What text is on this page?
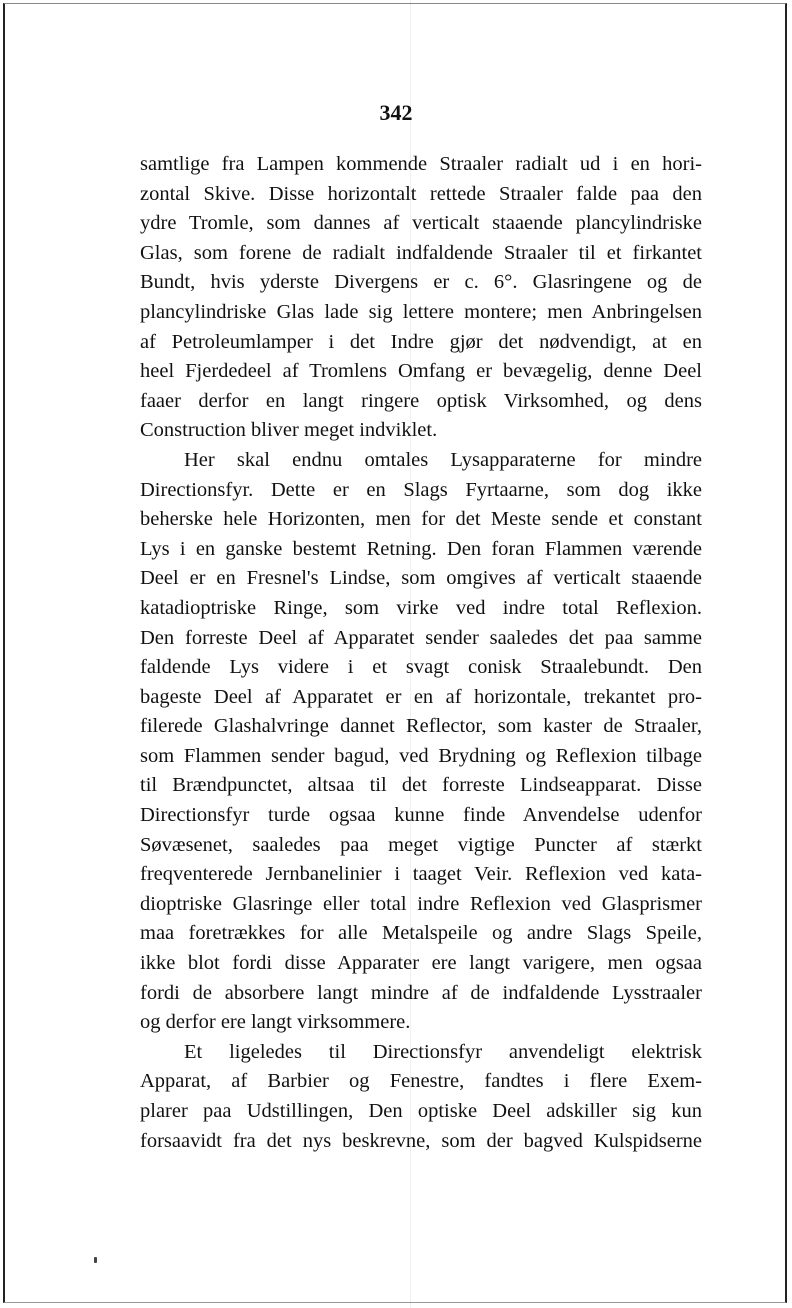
342

samtlige fra Lampen kommende Straaler radialt ud i en hori-
zontal Skive. Disse horizontalt rettede Straaler falde paa den
ydre Tromle, som dannes af verticalt staaende plancylindriske
Glas, som forene de radialt indfaldende Straaler til et firkantet
Bundt, hvis yderste Divergens er c. 6°. Glasringene og de
plancylindriske Glas lade sig lettere montere; men Anbringelsen
af Petroleumlamper i det Indre gjør det nødvendigt, at en
heel Fjerdedeel af Tromlens Omfang er bevægelig, denne Deel
faaer derfor en langt ringere optisk Virksomhed, og dens
Construction bliver meget indviklet.

Her skal endnu omtales Lysapparaterne for mindre
Directionsfyr. Dette er en Slags Fyrtaarne, som dog ikke
beherske hele Horizonten, men for det Meste sende et constant
Lys i en ganske bestemt Retning. Den foran Flammen værende
Deel er en Fresnel's Lindse, som omgives af verticalt staaende
katadioptriske Ringe, som virke ved indre total Reflexion.
Den forreste Deel af Apparatet sender saaledes det paa samme
faldende Lys videre i et svagt conisk Straalebundt. Den
bageste Deel af Apparatet er en af horizontale, trekantet pro-
filerede Glashalvringe dannet Reflector, som kaster de Straaler,
som Flammen sender bagud, ved Brydning og Reflexion tilbage
til Brændpunctet, altsaa til det forreste Lindseapparat. Disse
Directionsfyr turde ogsaa kunne finde Anvendelse udenfor
Søvæsenet, saaledes paa meget vigtige Puncter af stærkt
freqventerede Jernbanelinier i taaget Veir. Reflexion ved kata-
dioptriske Glasringe eller total indre Reflexion ved Glasprismer
maa foretrækkes for alle Metalspeile og andre Slags Speile,
ikke blot fordi disse Apparater ere langt varigere, men ogsaa
fordi de absorbere langt mindre af de indfaldende Lysstraaler
og derfor ere langt virksommere.

Et ligeledes til Directionsfyr anvendeligt elektrisk
Apparat, af Barbier og Fenestre, fandtes i flere Exem-
plarer paa Udstillingen, Den optiske Deel adskiller sig kun
forsaavidt fra det nys beskrevne, som der bagved Kulspidserne
